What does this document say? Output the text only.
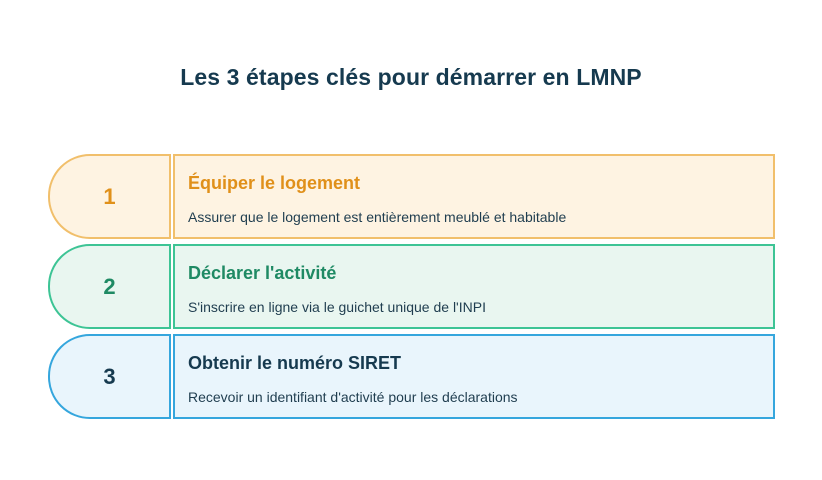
Les 3 étapes clés pour démarrer en LMNP
1
Équiper le logement
Assurer que le logement est entièrement meublé et habitable
2
Déclarer l'activité
S'inscrire en ligne via le guichet unique de l'INPI
3
Obtenir le numéro SIRET
Recevoir un identifiant d'activité pour les déclarations
